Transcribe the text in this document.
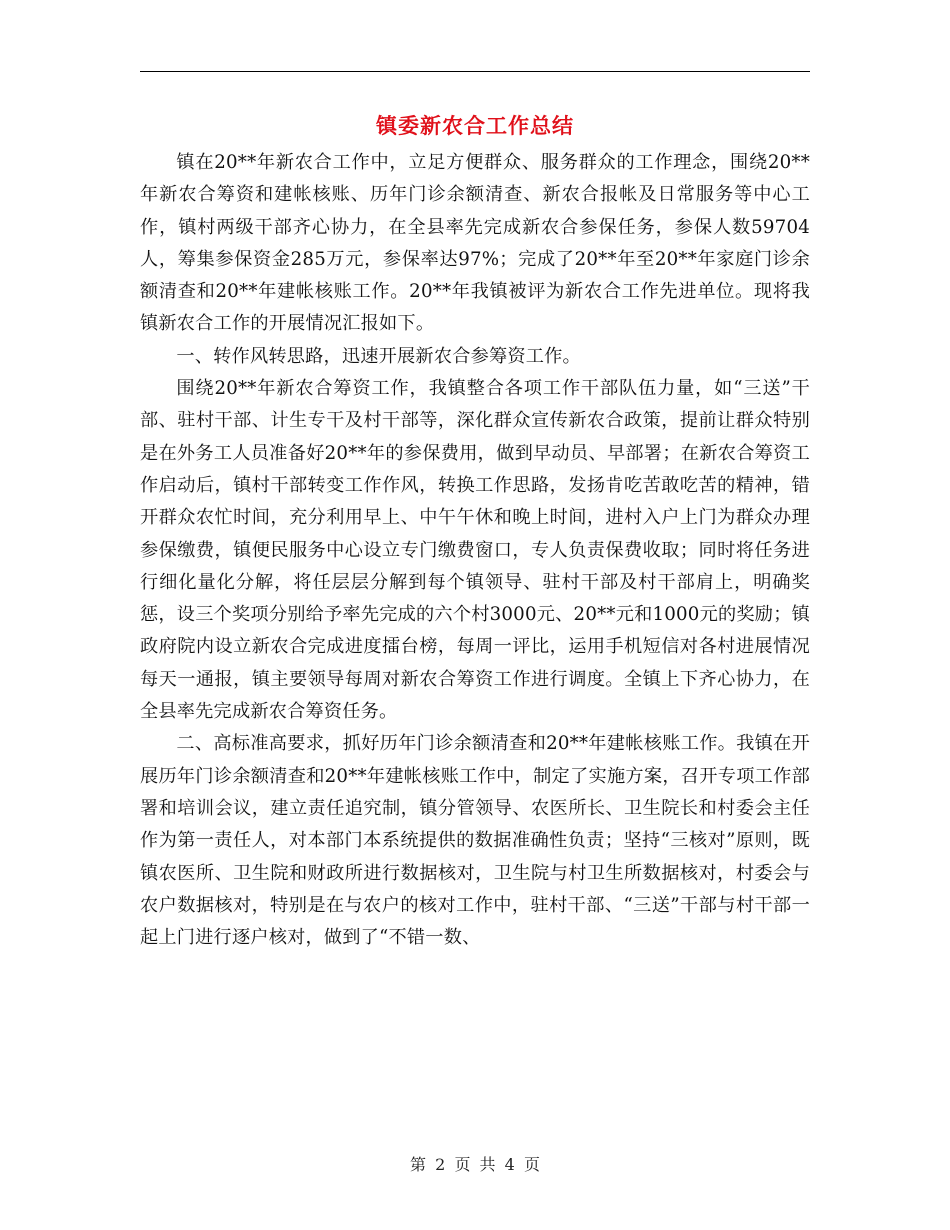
镇委新农合工作总结

镇在20**年新农合工作中，立足方便群众、服务群众的工作理念，围绕20**年新农合筹资和建帐核账、历年门诊余额清查、新农合报帐及日常服务等中心工作，镇村两级干部齐心协力，在全县率先完成新农合参保任务，参保人数59704人，筹集参保资金285万元，参保率达97%；完成了20**年至20**年家庭门诊余额清查和20**年建帐核账工作。20**年我镇被评为新农合工作先进单位。现将我镇新农合工作的开展情况汇报如下。

一、转作风转思路，迅速开展新农合参筹资工作。

围绕20**年新农合筹资工作，我镇整合各项工作干部队伍力量，如“三送”干部、驻村干部、计生专干及村干部等，深化群众宣传新农合政策，提前让群众特别是在外务工人员准备好20**年的参保费用，做到早动员、早部署；在新农合筹资工作启动后，镇村干部转变工作作风，转换工作思路，发扬肯吃苦敢吃苦的精神，错开群众农忙时间，充分利用早上、中午午休和晚上时间，进村入户上门为群众办理参保缴费，镇便民服务中心设立专门缴费窗口，专人负责保费收取；同时将任务进行细化量化分解，将任层层分解到每个镇领导、驻村干部及村干部肩上，明确奖惩，设三个奖项分别给予率先完成的六个村3000元、20**元和1000元的奖励；镇政府院内设立新农合完成进度擂台榜，每周一评比，运用手机短信对各村进展情况每天一通报，镇主要领导每周对新农合筹资工作进行调度。全镇上下齐心协力，在全县率先完成新农合筹资任务。

二、高标准高要求，抓好历年门诊余额清查和20**年建帐核账工作。我镇在开展历年门诊余额清查和20**年建帐核账工作中，制定了实施方案，召开专项工作部署和培训会议，建立责任追究制，镇分管领导、农医所长、卫生院长和村委会主任作为第一责任人，对本部门本系统提供的数据准确性负责；坚持“三核对”原则，既镇农医所、卫生院和财政所进行数据核对，卫生院与村卫生所数据核对，村委会与农户数据核对，特别是在与农户的核对工作中，驻村干部、“三送”干部与村干部一起上门进行逐户核对，做到了“不错一数、

第 2 页 共 4 页
